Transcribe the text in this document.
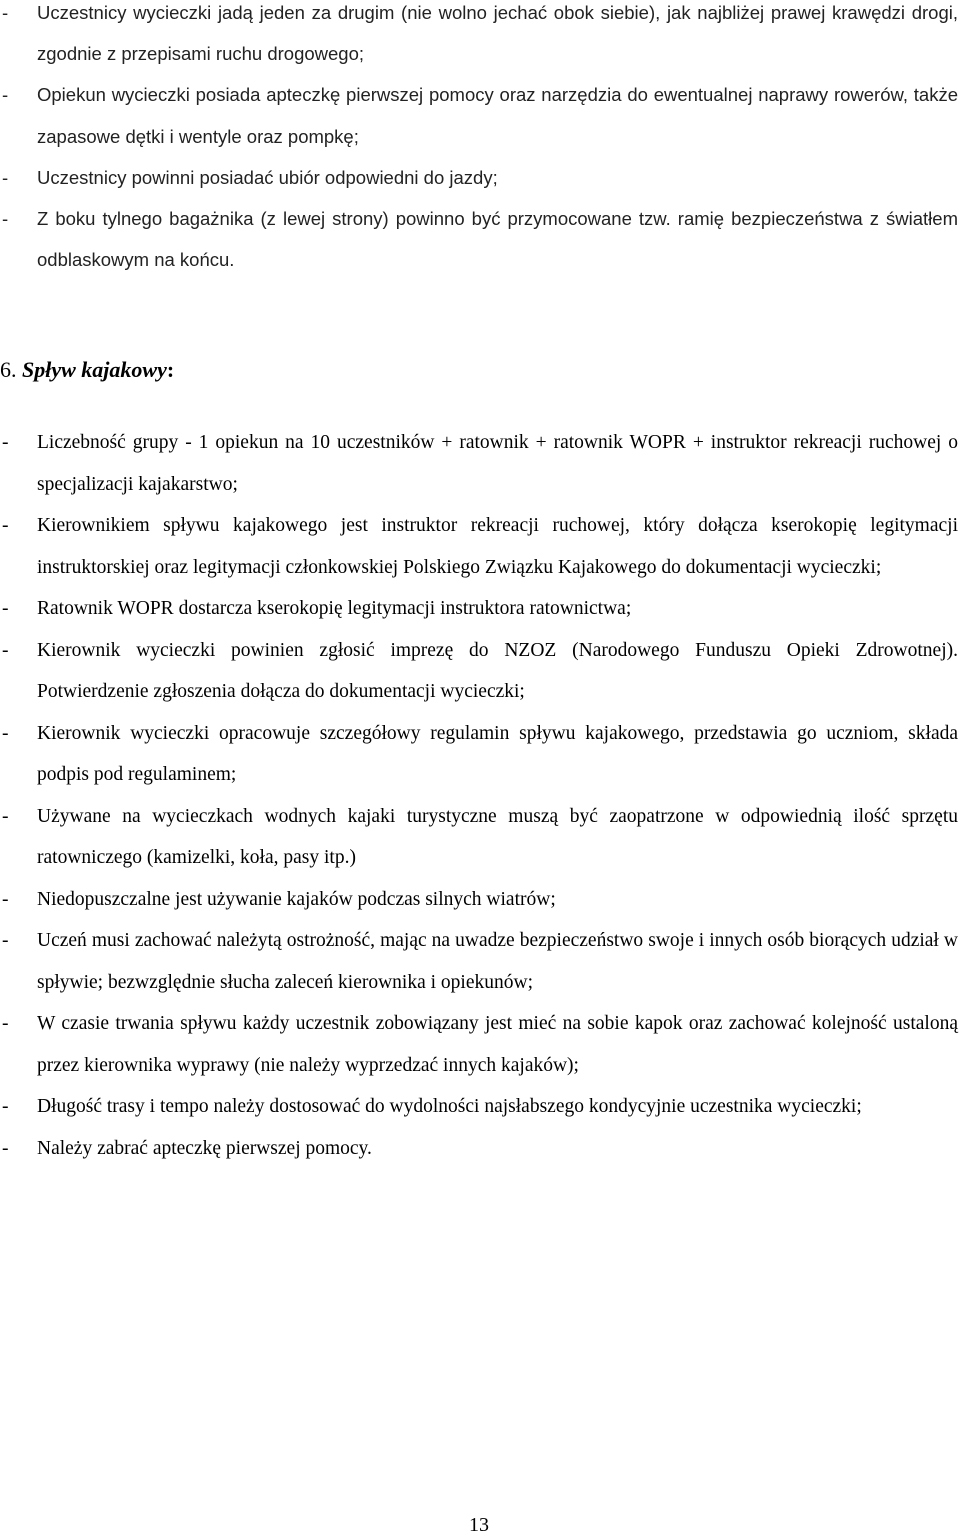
- Uczestnicy wycieczki jadą jeden za drugim (nie wolno jechać obok siebie), jak najbliżej prawej krawędzi drogi, zgodnie z przepisami ruchu drogowego;
- Opiekun wycieczki posiada apteczkę pierwszej pomocy oraz narzędzia do ewentualnej naprawy rowerów, także zapasowe dętki i wentyle oraz pompkę;
- Uczestnicy powinni posiadać ubiór odpowiedni do jazdy;
- Z boku tylnego bagażnika (z lewej strony) powinno być przymocowane tzw. ramię bezpieczeństwa z światłem odblaskowym na końcu.
6. Spływ kajakowy:
- Liczebność grupy - 1 opiekun na 10 uczestników + ratownik + ratownik WOPR + instruktor rekreacji ruchowej o specjalizacji kajakarstwo;
- Kierownikiem spływu kajakowego jest instruktor rekreacji ruchowej, który dołącza kserokopię legitymacji instruktorskiej oraz legitymacji członkowskiej Polskiego Związku Kajakowego do dokumentacji wycieczki;
- Ratownik WOPR dostarcza kserokopię legitymacji instruktora ratownictwa;
- Kierownik wycieczki powinien zgłosić imprezę do NZOZ (Narodowego Funduszu Opieki Zdrowotnej). Potwierdzenie zgłoszenia dołącza do dokumentacji wycieczki;
- Kierownik wycieczki opracowuje szczegółowy regulamin spływu kajakowego, przedstawia go uczniom, składa podpis pod regulaminem;
- Używane na wycieczkach wodnych kajaki turystyczne muszą być zaopatrzone w odpowiednią ilość sprzętu ratowniczego (kamizelki, koła, pasy itp.)
- Niedopuszczalne jest używanie kajaków podczas silnych wiatrów;
- Uczeń musi zachować należytą ostrożność, mając na uwadze bezpieczeństwo swoje i innych osób biorących udział w spływie; bezwzględnie słucha zaleceń kierownika i opiekunów;
- W czasie trwania spływu każdy uczestnik zobowiązany jest mieć na sobie kapok oraz zachować kolejność ustaloną przez kierownika wyprawy (nie należy wyprzedzać innych kajaków);
- Długość trasy i tempo należy dostosować do wydolności najsłabszego kondycyjnie uczestnika wycieczki;
- Należy zabrać apteczkę pierwszej pomocy.
13
